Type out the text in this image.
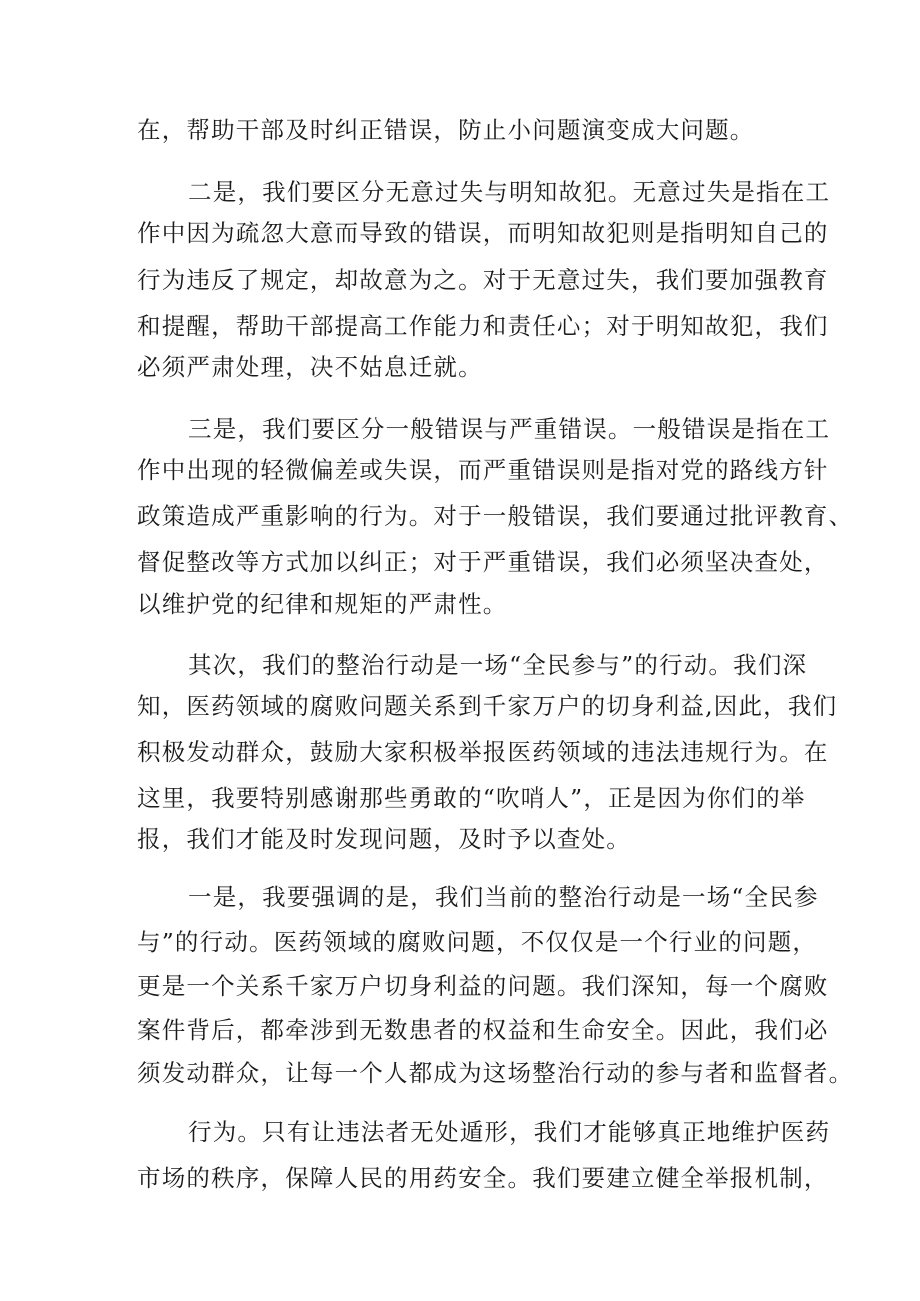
在，帮助干部及时纠正错误，防止小问题演变成大问题。
二是，我们要区分无意过失与明知故犯。无意过失是指在工
作中因为疏忽大意而导致的错误，而明知故犯则是指明知自己的
行为违反了规定，却故意为之。对于无意过失，我们要加强教育
和提醒，帮助干部提高工作能力和责任心；对于明知故犯，我们
必须严肃处理，决不姑息迁就。
三是，我们要区分一般错误与严重错误。一般错误是指在工
作中出现的轻微偏差或失误，而严重错误则是指对党的路线方针
政策造成严重影响的行为。对于一般错误，我们要通过批评教育、
督促整改等方式加以纠正；对于严重错误，我们必须坚决查处，
以维护党的纪律和规矩的严肃性。
其次，我们的整治行动是一场“全民参与”的行动。我们深
知，医药领域的腐败问题关系到千家万户的切身利益,因此，我们
积极发动群众，鼓励大家积极举报医药领域的违法违规行为。在
这里，我要特别感谢那些勇敢的“吹哨人”，正是因为你们的举
报，我们才能及时发现问题，及时予以查处。
一是，我要强调的是，我们当前的整治行动是一场“全民参
与”的行动。医药领域的腐败问题，不仅仅是一个行业的问题，
更是一个关系千家万户切身利益的问题。我们深知，每一个腐败
案件背后，都牵涉到无数患者的权益和生命安全。因此，我们必
须发动群众，让每一个人都成为这场整治行动的参与者和监督者。
行为。只有让违法者无处遁形，我们才能够真正地维护医药
市场的秩序，保障人民的用药安全。我们要建立健全举报机制，
